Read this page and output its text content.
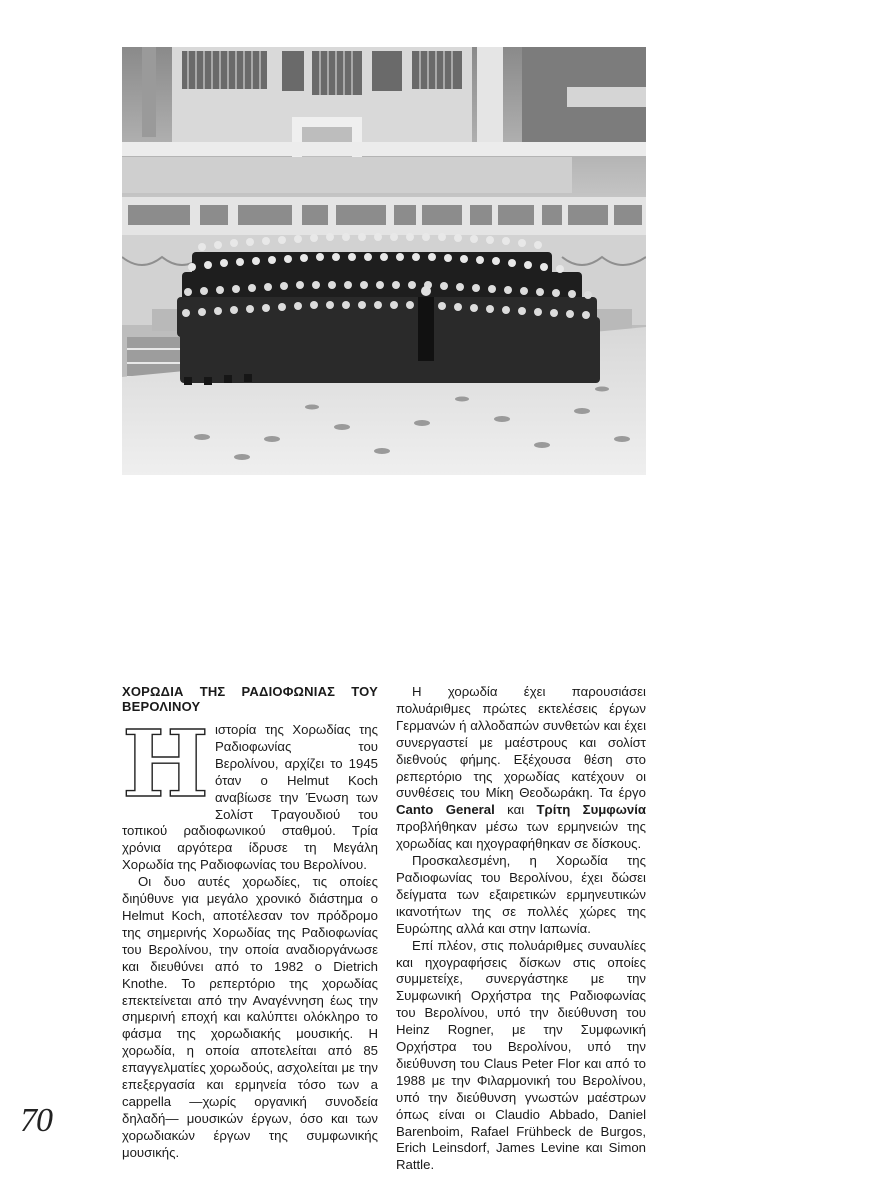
ΧΟΡΩΔΙΑ ΤΗΣ ΡΑΔΙΟΦΩΝΙΑΣ ΤΟΥ ΒΕΡΟΛΙΝΟΥ

Ηιστορία της Χορωδίας της Ραδιοφωνίας του Βερολίνου, αρχίζει το 1945 όταν ο Helmut Koch αναβίωσε την Ένωση των Σολίστ Τραγουδιού του τοπικού ραδιοφωνικού σταθμού. Τρία χρόνια αργότερα ίδρυσε τη Μεγάλη Χορωδία της Ραδιοφωνίας του Βερολίνου.

Οι δυο αυτές χορωδίες, τις οποίες διηύθυνε για μεγάλο χρονικό διάστημα ο Helmut Koch, αποτέλεσαν τον πρόδρομο της σημερινής Χορωδίας της Ραδιοφωνίας του Βερολίνου, την οποία αναδιοργάνωσε και διευθύνει από το 1982 ο Dietrich Knothe. Το ρεπερτόριο της χορωδίας επεκτείνεται από την Αναγέννηση έως την σημερινή εποχή και καλύπτει ολόκληρο το φάσμα της χορωδιακής μουσικής. Η χορωδία, η οποία αποτελείται από 85 επαγγελματίες χορωδούς, ασχολείται με την επεξεργασία και ερμηνεία τόσο των a cappella —χωρίς οργανική συνοδεία δηλαδή— μουσικών έργων, όσο και των χορωδιακών έργων της συμφωνικής μουσικής.

Η χορωδία έχει παρουσιάσει πολυάριθμες πρώτες εκτελέσεις έργων Γερμανών ή αλλοδαπών συνθετών και έχει συνεργαστεί με μαέστρους και σολίστ διεθνούς φήμης. Εξέχουσα θέση στο ρεπερτόριο της χορωδίας κατέχουν οι συνθέσεις του Μίκη Θεοδωράκη. Τα έργο Canto General και Τρίτη Συμφωνία προβλήθηκαν μέσω των ερμηνειών της χορωδίας και ηχογραφήθηκαν σε δίσκους.

Προσκαλεσμένη, η Χορωδία της Ραδιοφωνίας του Βερολίνου, έχει δώσει δείγματα των εξαιρετικών ερμηνευτικών ικανοτήτων της σε πολλές χώρες της Ευρώπης αλλά και στην Ιαπωνία.

Επί πλέον, στις πολυάριθμες συναυλίες και ηχογραφήσεις δίσκων στις οποίες συμμετείχε, συνεργάστηκε με την Συμφωνική Ορχήστρα της Ραδιοφωνίας του Βερολίνου, υπό την διεύθυνση του Heinz Rogner, με την Συμφωνική Ορχήστρα του Βερολίνου, υπό την διεύθυνση του Claus Peter Flor και από το 1988 με την Φιλαρμονική του Βερολίνου, υπό την διεύθυνση γνωστών μαέστρων όπως είναι οι Claudio Abbado, Daniel Barenboim, Rafael Frühbeck de Burgos, Erich Leinsdorf, James Levine και Simon Rattle.

70
